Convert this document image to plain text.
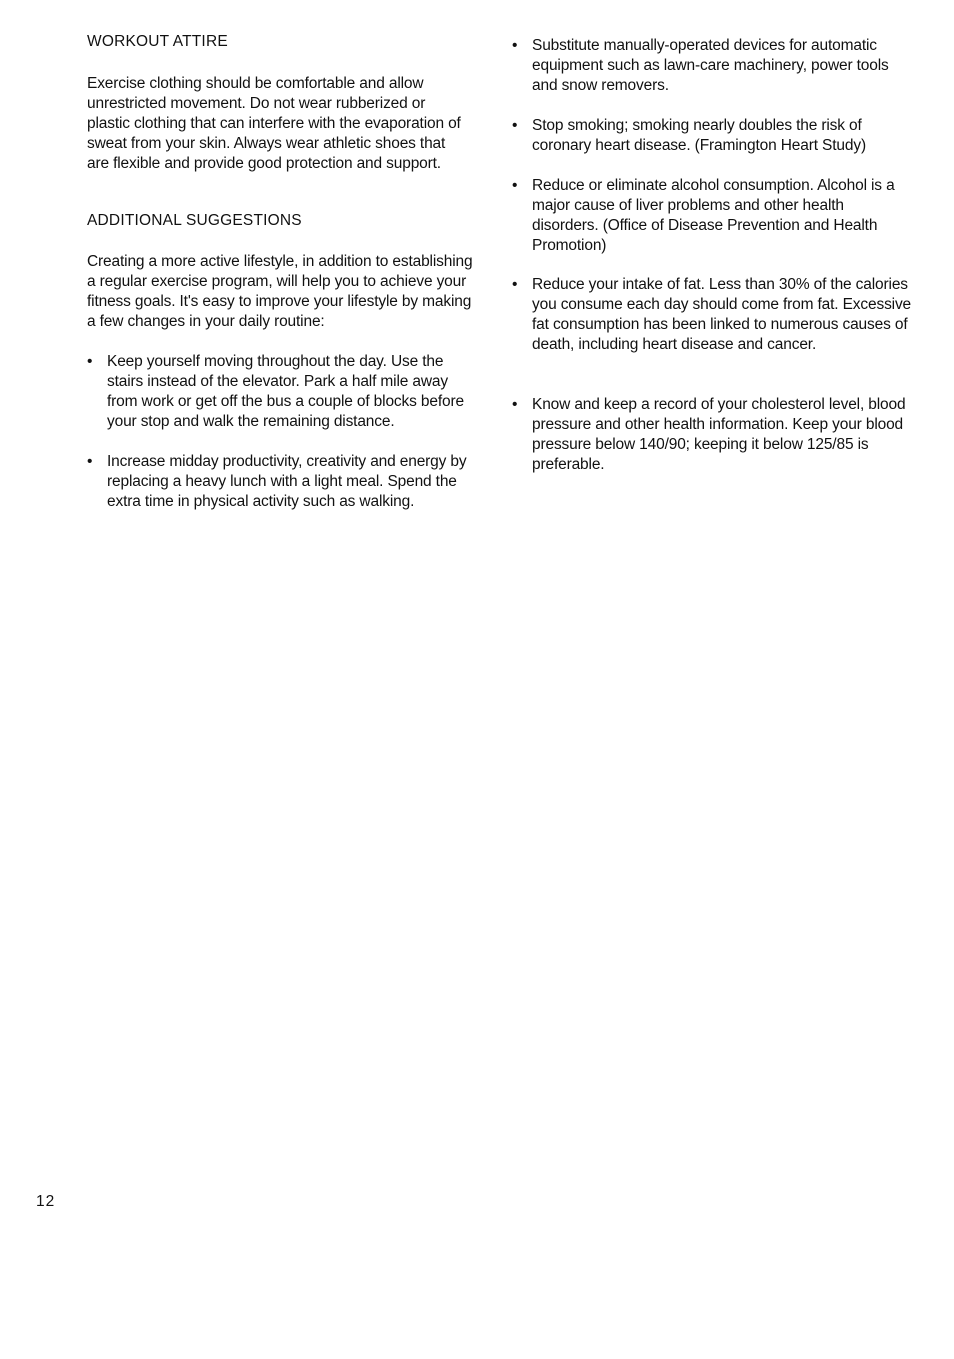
WORKOUT ATTIRE

Exercise clothing should be comfortable and allow unrestricted movement. Do not wear rubberized or plastic clothing that can interfere with the evaporation of sweat from your skin. Always wear athletic shoes that are flexible and provide good protection and support.

ADDITIONAL SUGGESTIONS

Creating a more active lifestyle, in addition to establishing a regular exercise program, will help you to achieve your fitness goals. It's easy to improve your lifestyle by making a few changes in your daily routine:

• Keep yourself moving throughout the day. Use the stairs instead of the elevator. Park a half mile away from work or get off the bus a couple of blocks before your stop and walk the remaining distance.
• Increase midday productivity, creativity and energy by replacing a heavy lunch with a light meal. Spend the extra time in physical activity such as walking.
• Substitute manually-operated devices for automatic equipment such as lawn-care machinery, power tools and snow removers.
• Stop smoking; smoking nearly doubles the risk of coronary heart disease. (Framington Heart Study)
• Reduce or eliminate alcohol consumption. Alcohol is a major cause of liver problems and other health disorders. (Office of Disease Prevention and Health Promotion)
• Reduce your intake of fat. Less than 30% of the calories you consume each day should come from fat. Excessive fat consumption has been linked to numerous causes of death, including heart disease and cancer.
• Know and keep a record of your cholesterol level, blood pressure and other health information. Keep your blood pressure below 140/90; keeping it below 125/85 is preferable.
12
